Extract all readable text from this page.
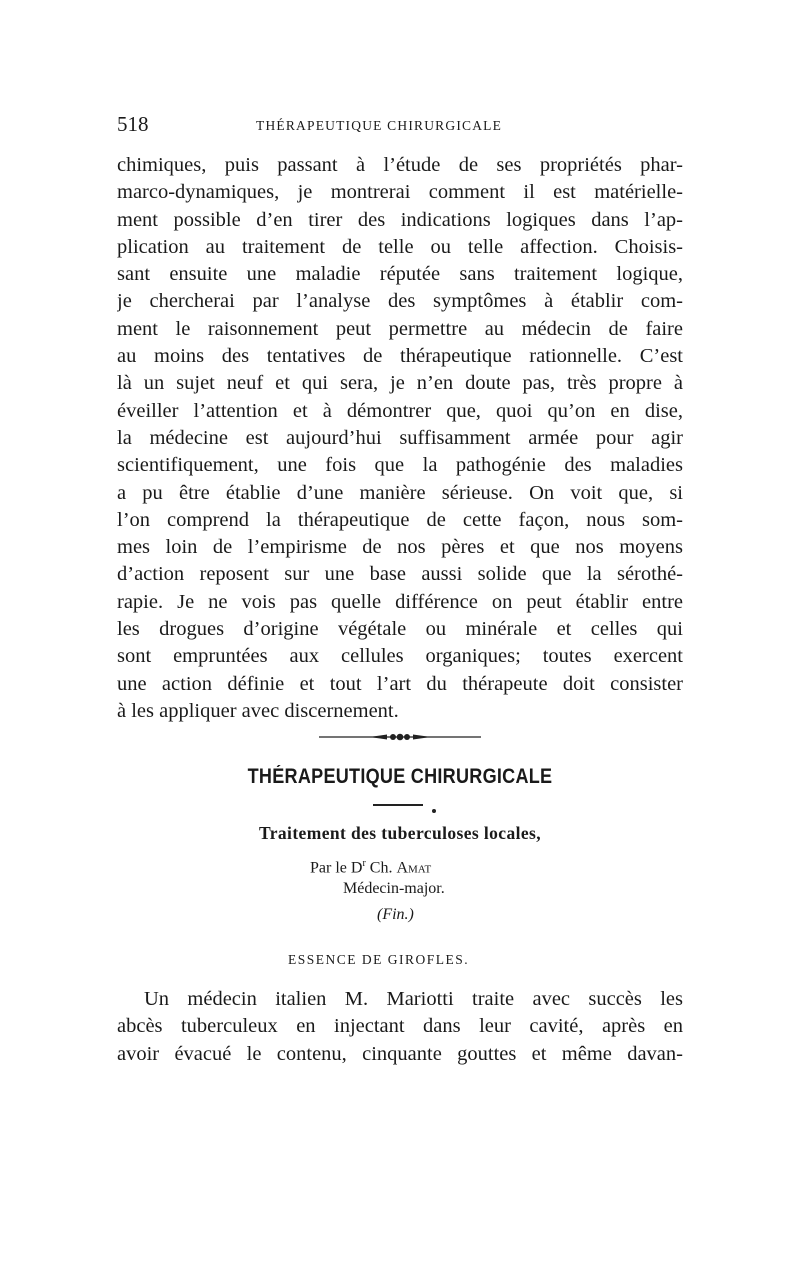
518	THÉRAPEUTIQUE CHIRURGICALE
chimiques, puis passant à l’étude de ses propriétés phar-
marco-dynamiques, je montrerai comment il est matérielle-
ment possible d’en tirer des indications logiques dans l’ap-
plication au traitement de telle ou telle affection. Choisis-
sant ensuite une maladie réputée sans traitement logique,
je chercherai par l’analyse des symptômes à établir com-
ment le raisonnement peut permettre au médecin de faire
au moins des tentatives de thérapeutique rationnelle. C’est
là un sujet neuf et qui sera, je n’en doute pas, très propre à
éveiller l’attention et à démontrer que, quoi qu’on en dise,
la médecine est aujourd’hui suffisamment armée pour agir
scientifiquement, une fois que la pathogénie des maladies
a pu être établie d’une manière sérieuse. On voit que, si
l’on comprend la thérapeutique de cette façon, nous som-
mes loin de l’empirisme de nos pères et que nos moyens
d’action reposent sur une base aussi solide que la sérothé-
rapie. Je ne vois pas quelle différence on peut établir entre
les drogues d’origine végétale ou minérale et celles qui
sont empruntées aux cellules organiques; toutes exercent
une action définie et tout l’art du thérapeute doit consister
à les appliquer avec discernement.
THÉRAPEUTIQUE CHIRURGICALE
Traitement des tuberculoses locales,
Par le $D^r$ Ch. Amat
Médecin-major.
(Fin.)
ESSENCE DE GIROFLES.
Un médecin italien M. Mariotti traite avec succès les
abcès tuberculeux en injectant dans leur cavité, après en
avoir évacué le contenu, cinquante gouttes et même davan-
